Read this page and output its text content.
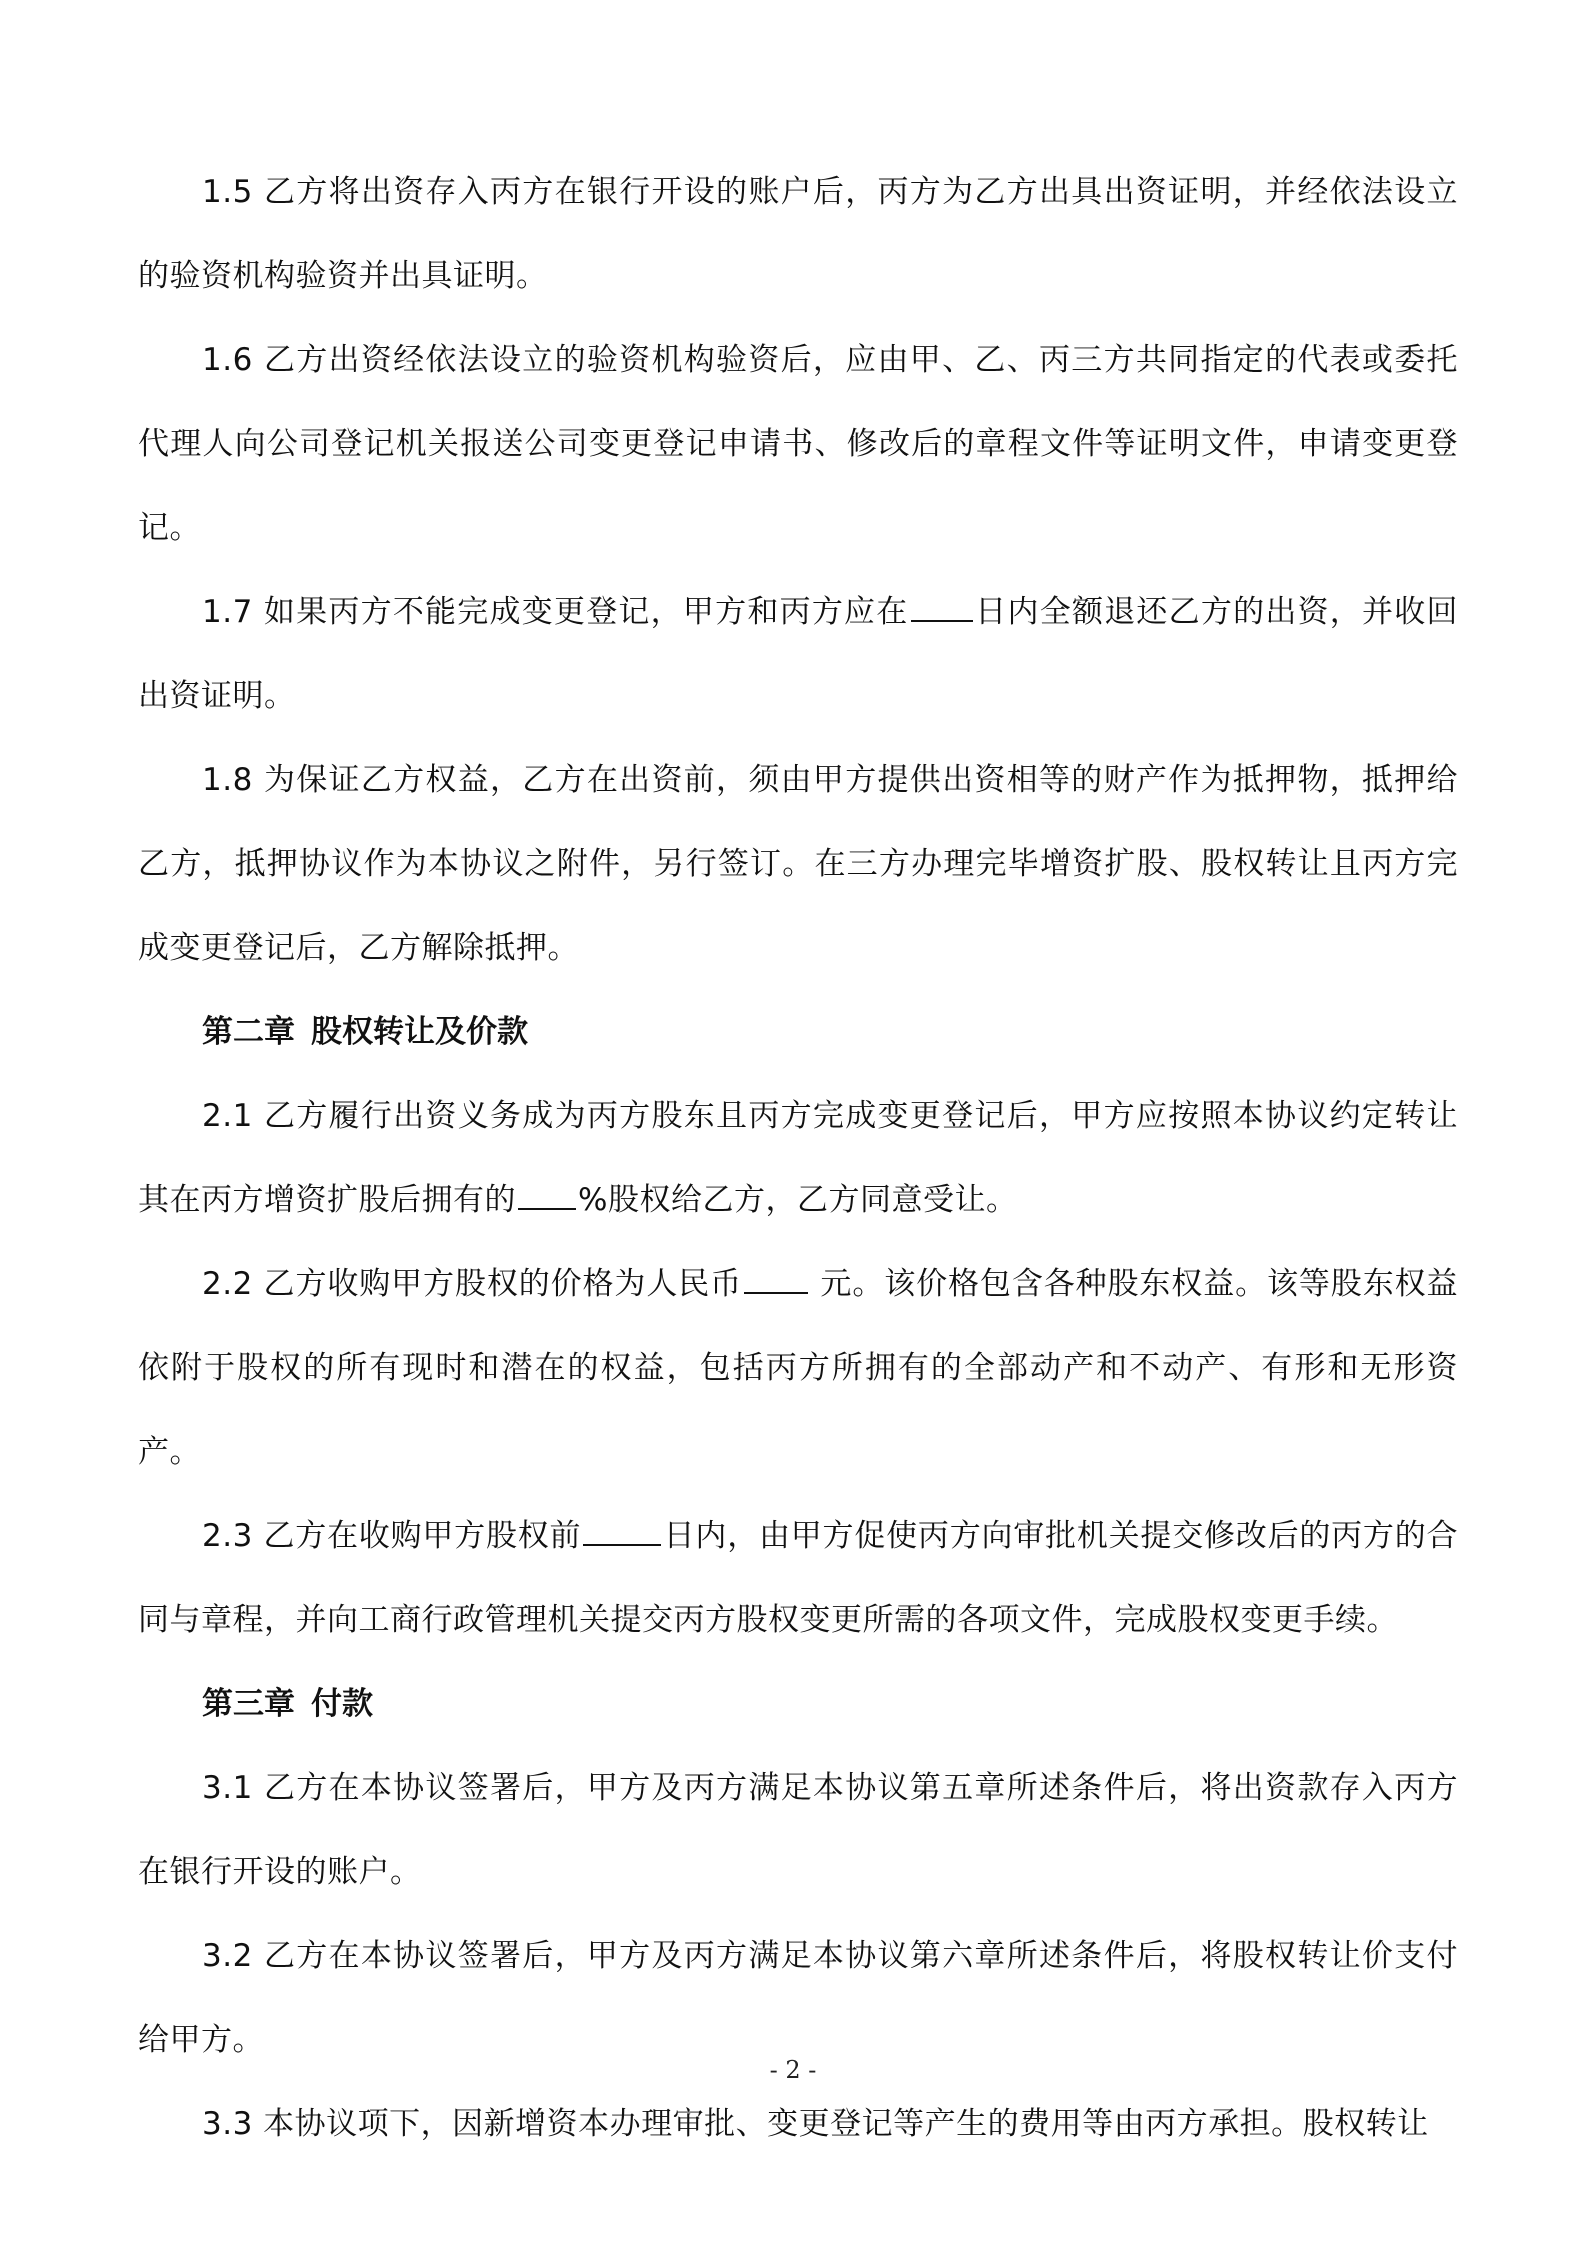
1.5 乙方将出资存入丙方在银行开设的账户后，丙方为乙方出具出资证明，并经依法设立的验资机构验资并出具证明。

1.6 乙方出资经依法设立的验资机构验资后，应由甲、乙、丙三方共同指定的代表或委托代理人向公司登记机关报送公司变更登记申请书、修改后的章程文件等证明文件，申请变更登记。

1.7 如果丙方不能完成变更登记，甲方和丙方应在 日内全额退还乙方的出资，并收回出资证明。

1.8 为保证乙方权益，乙方在出资前，须由甲方提供出资相等的财产作为抵押物，抵押给乙方，抵押协议作为本协议之附件，另行签订。在三方办理完毕增资扩股、股权转让且丙方完成变更登记后，乙方解除抵押。

第二章 股权转让及价款

2.1 乙方履行出资义务成为丙方股东且丙方完成变更登记后，甲方应按照本协议约定转让其在丙方增资扩股后拥有的 %股权给乙方，乙方同意受让。

2.2 乙方收购甲方股权的价格为人民币	元。该价格包含各种股东权益。该等股东权益依附于股权的所有现时和潜在的权益，包括丙方所拥有的全部动产和不动产、有形和无形资产。

2.3 乙方在收购甲方股权前	日内，由甲方促使丙方向审批机关提交修改后的丙方的合同与章程，并向工商行政管理机关提交丙方股权变更所需的各项文件，完成股权变更手续。

第三章 付款

3.1 乙方在本协议签署后，甲方及丙方满足本协议第五章所述条件后，将出资款存入丙方在银行开设的账户。

3.2 乙方在本协议签署后，甲方及丙方满足本协议第六章所述条件后，将股权转让价支付给甲方。

3.3 本协议项下，因新增资本办理审批、变更登记等产生的费用等由丙方承担。股权转让

- 2 -
